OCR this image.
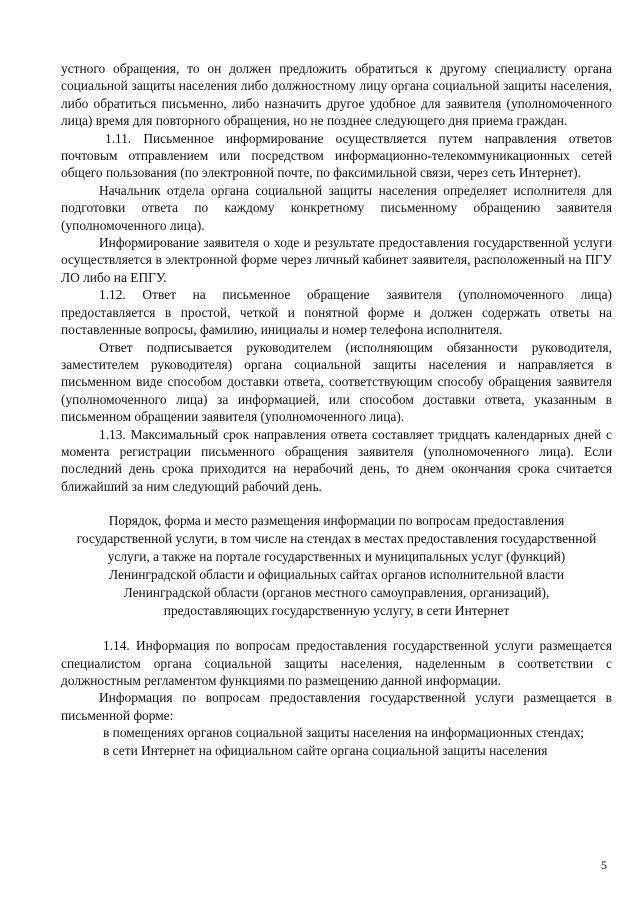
устного обращения, то он должен предложить обратиться к другому специалисту органа социальной защиты населения либо должностному лицу органа социальной защиты населения, либо обратиться письменно, либо назначить другое удобное для заявителя (уполномоченного лица) время для повторного обращения, но не позднее следующего дня приема граждан.

1.11. Письменное информирование осуществляется путем направления ответов почтовым отправлением или посредством информационно-телекоммуникационных сетей общего пользования (по электронной почте, по факсимильной связи, через сеть Интернет).

Начальник отдела органа социальной защиты населения определяет исполнителя для подготовки ответа по каждому конкретному письменному обращению заявителя (уполномоченного лица).

Информирование заявителя о ходе и результате предоставления государственной услуги осуществляется в электронной форме через личный кабинет заявителя, расположенный на ПГУ ЛО либо на ЕПГУ.

1.12. Ответ на письменное обращение заявителя (уполномоченного лица) предоставляется в простой, четкой и понятной форме и должен содержать ответы на поставленные вопросы, фамилию, инициалы и номер телефона исполнителя.

Ответ подписывается руководителем (исполняющим обязанности руководителя, заместителем руководителя) органа социальной защиты населения и направляется в письменном виде способом доставки ответа, соответствующим способу обращения заявителя (уполномоченного лица) за информацией, или способом доставки ответа, указанным в письменном обращении заявителя (уполномоченного лица).

1.13. Максимальный срок направления ответа составляет тридцать календарных дней с момента регистрации письменного обращения заявителя (уполномоченного лица). Если последний день срока приходится на нерабочий день, то днем окончания срока считается ближайший за ним следующий рабочий день.

Порядок, форма и место размещения информации по вопросам предоставления государственной услуги, в том числе на стендах в местах предоставления государственной услуги, а также на портале государственных и муниципальных услуг (функций) Ленинградской области и официальных сайтах органов исполнительной власти Ленинградской области (органов местного самоуправления, организаций), предоставляющих государственную услугу, в сети Интернет

1.14. Информация по вопросам предоставления государственной услуги размещается специалистом органа социальной защиты населения, наделенным в соответствии с должностным регламентом функциями по размещению данной информации.

Информация по вопросам предоставления государственной услуги размещается в письменной форме:

в помещениях органов социальной защиты населения на информационных стендах;

в сети Интернет на официальном сайте органа социальной защиты населения

5
